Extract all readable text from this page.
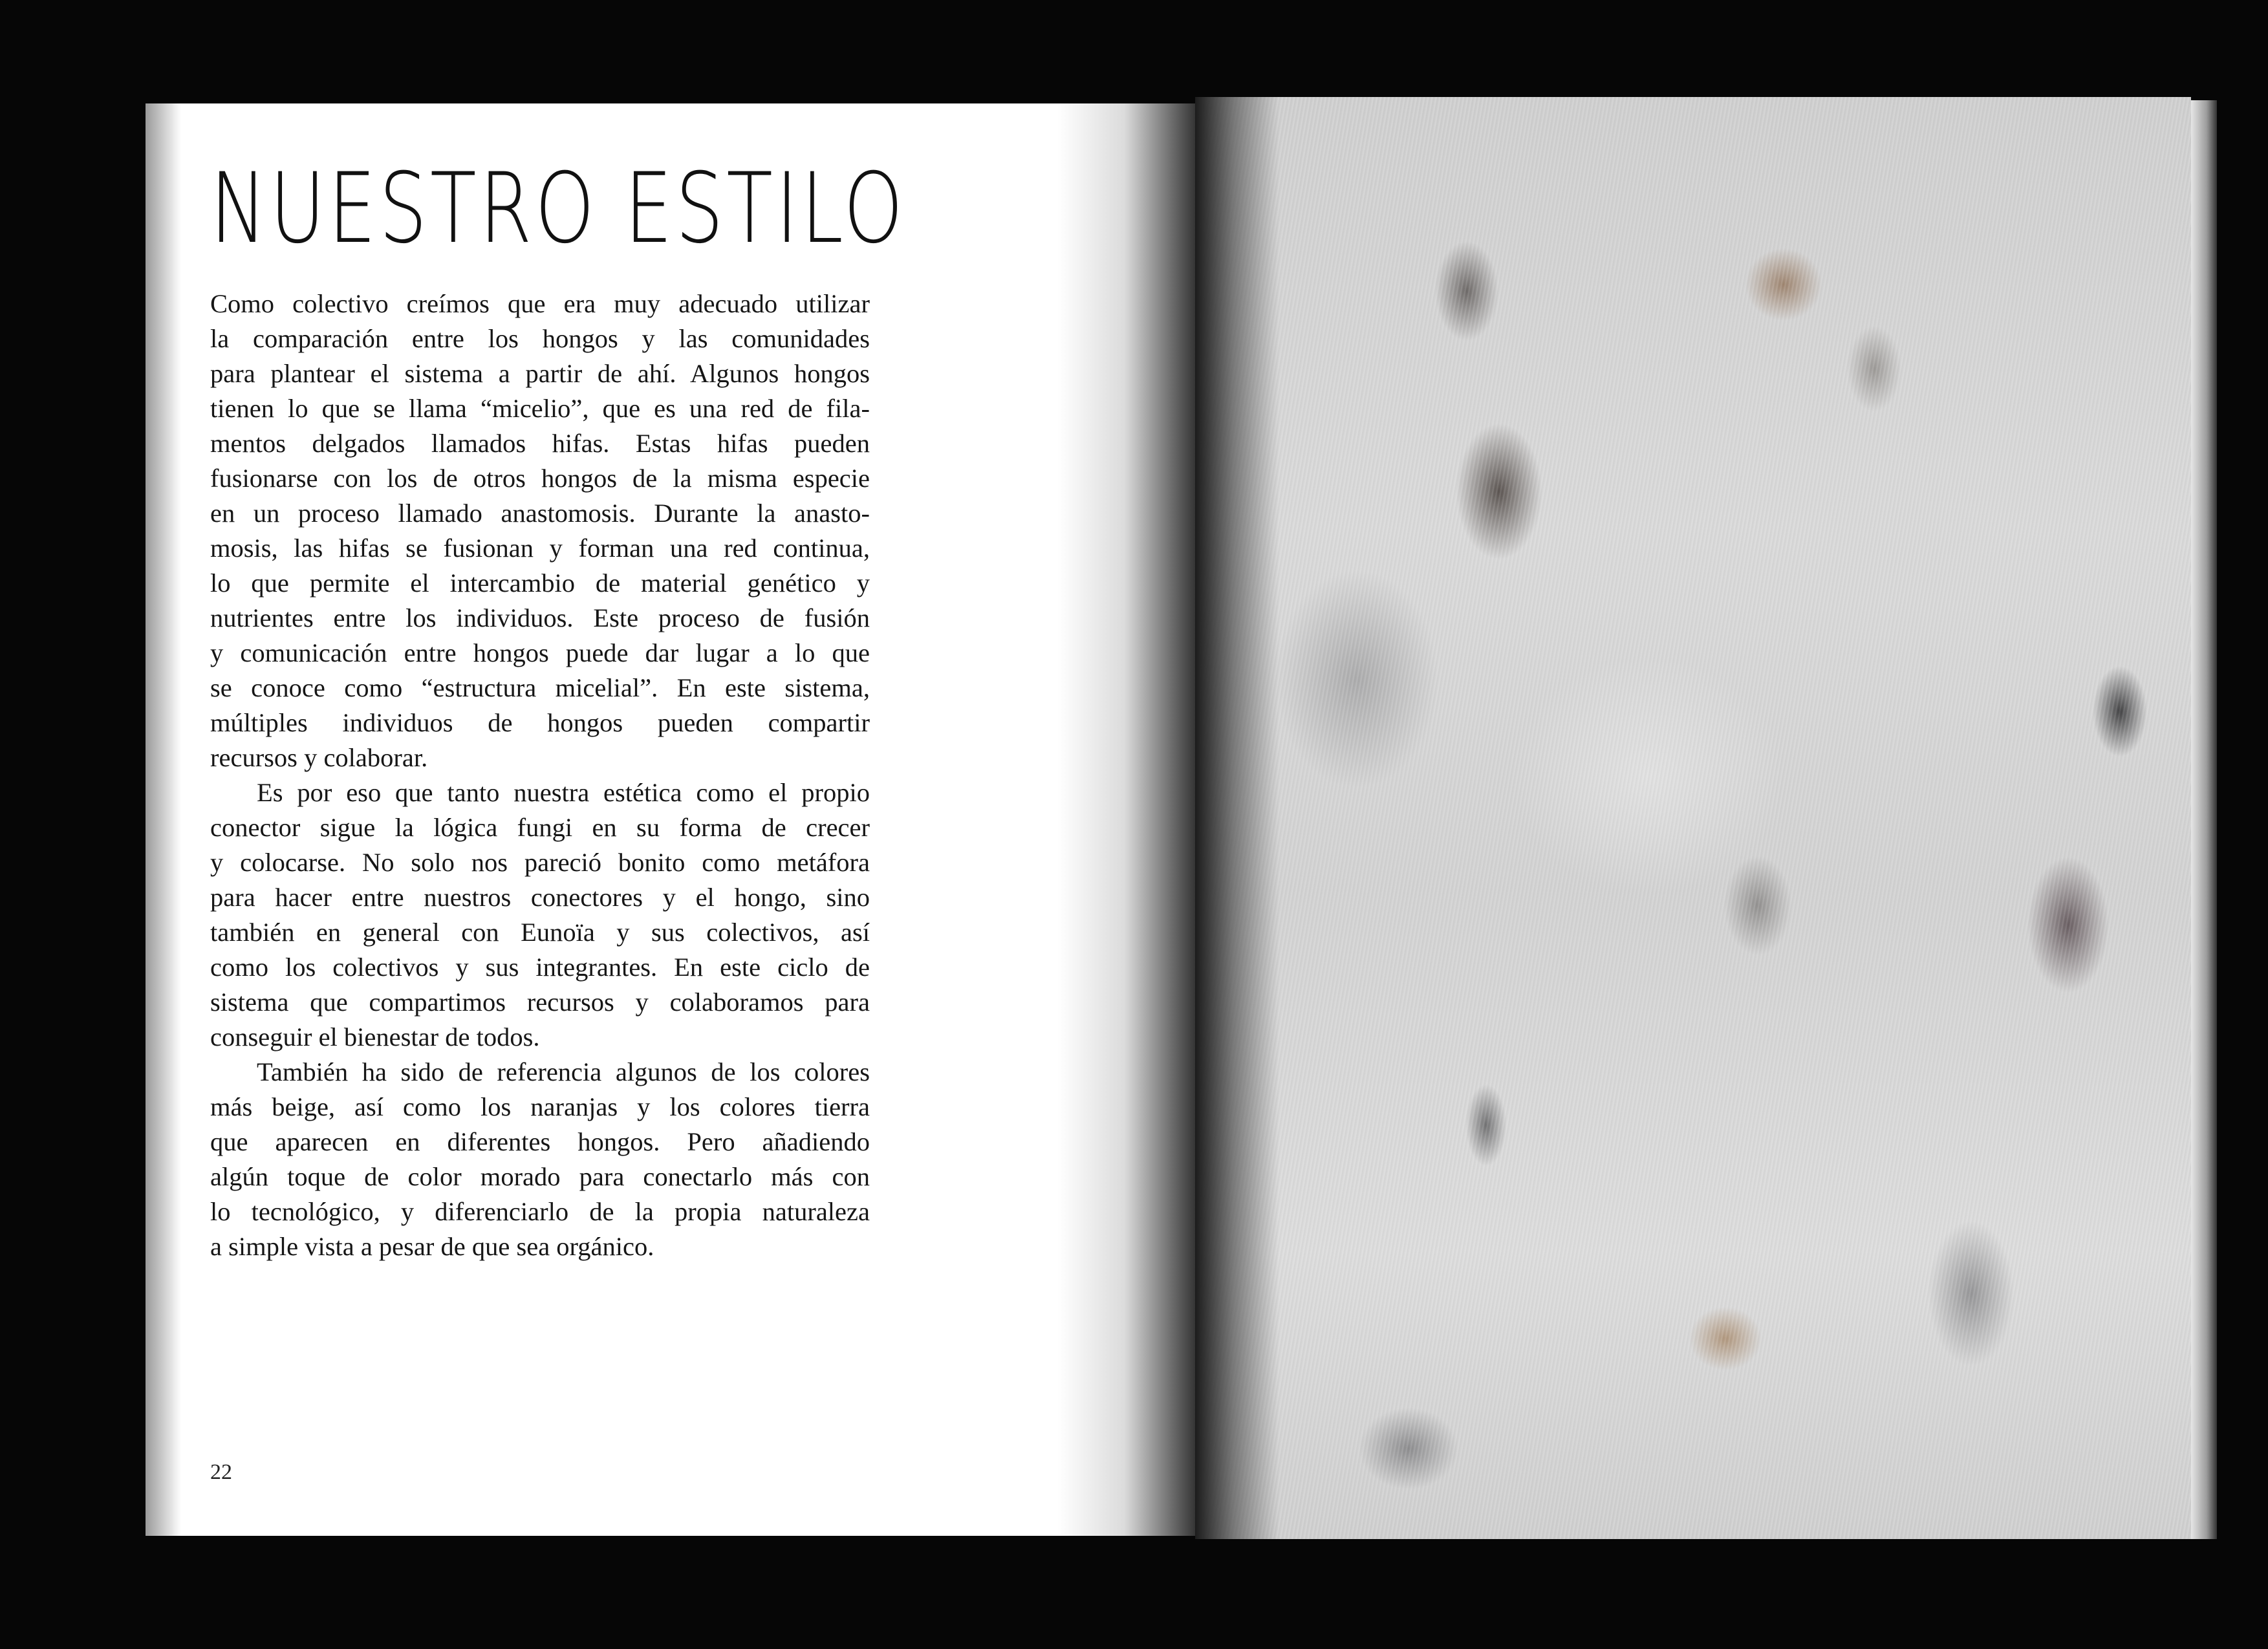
NUESTRO ESTILO

Como colectivo creímos que era muy adecuado utilizar
la comparación entre los hongos y las comunidades
para plantear el sistema a partir de ahí. Algunos hongos
tienen lo que se llama “micelio”, que es una red de fila-
mentos delgados llamados hifas. Estas hifas pueden
fusionarse con los de otros hongos de la misma especie
en un proceso llamado anastomosis. Durante la anasto-
mosis, las hifas se fusionan y forman una red continua,
lo que permite el intercambio de material genético y
nutrientes entre los individuos. Este proceso de fusión
y comunicación entre hongos puede dar lugar a lo que
se conoce como “estructura micelial”. En este sistema,
múltiples individuos de hongos pueden compartir
recursos y colaborar.

Es por eso que tanto nuestra estética como el propio
conector sigue la lógica fungi en su forma de crecer
y colocarse. No solo nos pareció bonito como metáfora
para hacer entre nuestros conectores y el hongo, sino
también en general con Eunoïa y sus colectivos, así
como los colectivos y sus integrantes. En este ciclo de
sistema que compartimos recursos y colaboramos para
conseguir el bienestar de todos.

También ha sido de referencia algunos de los colores
más beige, así como los naranjas y los colores tierra
que aparecen en diferentes hongos. Pero añadiendo
algún toque de color morado para conectarlo más con
lo tecnológico, y diferenciarlo de la propia naturaleza
a simple vista a pesar de que sea orgánico.

22
